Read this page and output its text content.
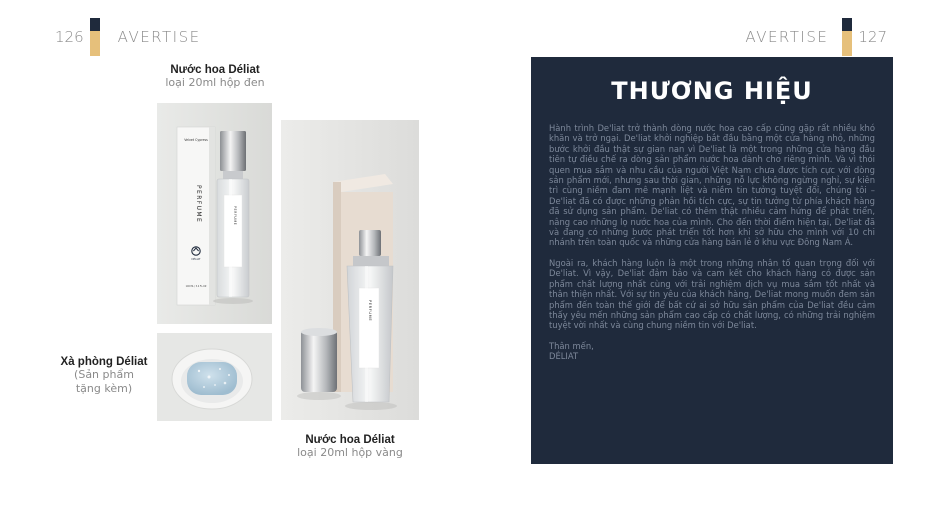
126 AVERTISE	AVERTISE 127
Nước hoa Déliat
loại 20ml hộp đen
Velvet Cypress
PERFUME
DÉLIAT
100 ML / 3.4 FL.OZ
PERFUME
Xà phòng Déliat
(Sản phẩm
tặng kèm)
PERFUME
Nước hoa Déliat
loại 20ml hộp vàng
THƯƠNG HIỆU

Hành trình De'liat trở thành dòng nước hoa cao cấp cũng gặp rất nhiều khó khăn và trở ngại. De'liat khởi nghiệp bắt đầu bằng một cửa hàng nhỏ, những bước khởi đầu thật sự gian nan vì De'liat là một trong những cửa hàng đầu tiên tự điều chế ra dòng sản phẩm nước hoa dành cho riêng mình. Và vì thói quen mua sắm và nhu cầu của người Việt Nam chưa được tích cực với dòng sản phẩm mới, nhưng sau thời gian, những nỗ lực không ngừng nghỉ, sự kiên trì cùng niềm đam mê mạnh liệt và niềm tin tưởng tuyệt đối, chúng tôi – De'liat đã có được những phản hồi tích cực, sự tin tưởng từ phía khách hàng đã sử dụng sản phẩm. De'liat có thêm thật nhiều cảm hứng để phát triển, nâng cao những lọ nước hoa của mình. Cho đến thời điểm hiện tại, De'liat đã và đang có những bước phát triển tốt hơn khi sở hữu cho mình với 10 chi nhánh trên toàn quốc và những cửa hàng bán lẻ ở khu vực Đông Nam Á.

Ngoài ra, khách hàng luôn là một trong những nhân tố quan trọng đối với De'liat. Vì vậy, De'liat đảm bảo và cam kết cho khách hàng có được sản phẩm chất lượng nhất cùng với trải nghiệm dịch vụ mua sắm tốt nhất và thân thiện nhất. Với sự tin yêu của khách hàng, De'liat mong muốn đem sản phẩm đến toàn thế giới để bất cứ ai sở hữu sản phẩm của De'liat đều cảm thấy yêu mến những sản phẩm cao cấp có chất lượng, có những trải nghiệm tuyệt vời nhất và cùng chung niềm tin với De'liat.

Thân mến,
DÉLIAT
